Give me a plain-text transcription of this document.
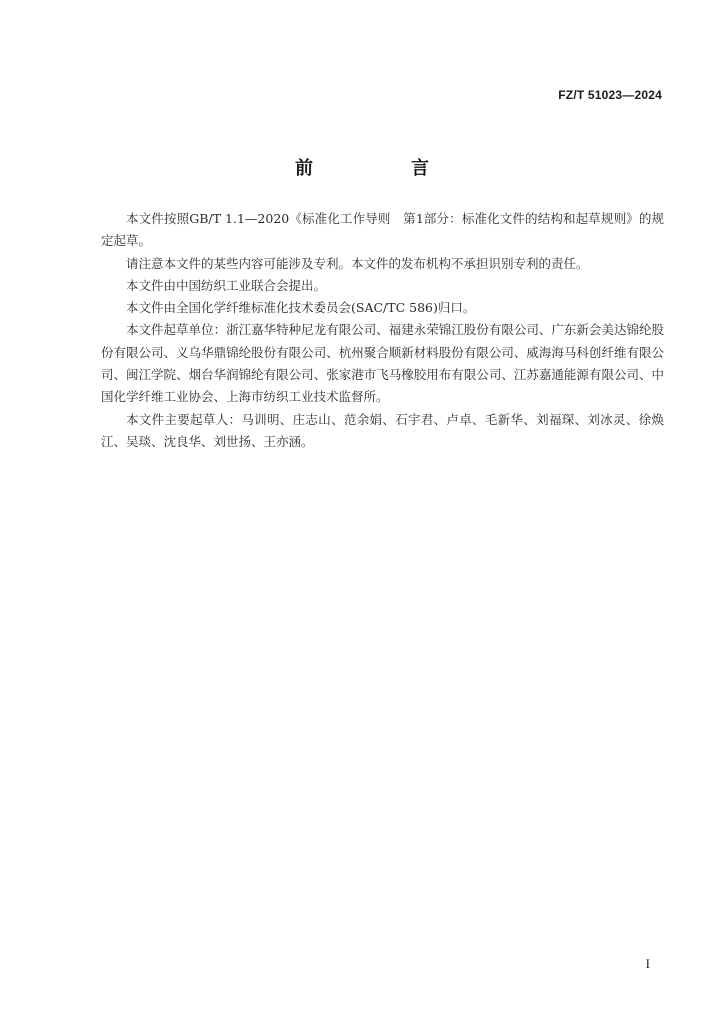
FZ/T 51023—2024
前　言

本文件按照GB/T 1.1—2020《标准化工作导则　第1部分：标准化文件的结构和起草规则》的规定起草。

请注意本文件的某些内容可能涉及专利。本文件的发布机构不承担识别专利的责任。

本文件由中国纺织工业联合会提出。

本文件由全国化学纤维标准化技术委员会(SAC/TC 586)归口。

本文件起草单位：浙江嘉华特种尼龙有限公司、福建永荣锦江股份有限公司、广东新会美达锦纶股份有限公司、义乌华鼎锦纶股份有限公司、杭州聚合顺新材料股份有限公司、威海海马科创纤维有限公司、闽江学院、烟台华润锦纶有限公司、张家港市飞马橡胶用布有限公司、江苏嘉通能源有限公司、中国化学纤维工业协会、上海市纺织工业技术监督所。

本文件主要起草人：马训明、庄志山、范余娟、石宇君、卢卓、毛新华、刘福琛、刘冰灵、徐焕江、吴琰、沈良华、刘世扬、王亦涵。

I
